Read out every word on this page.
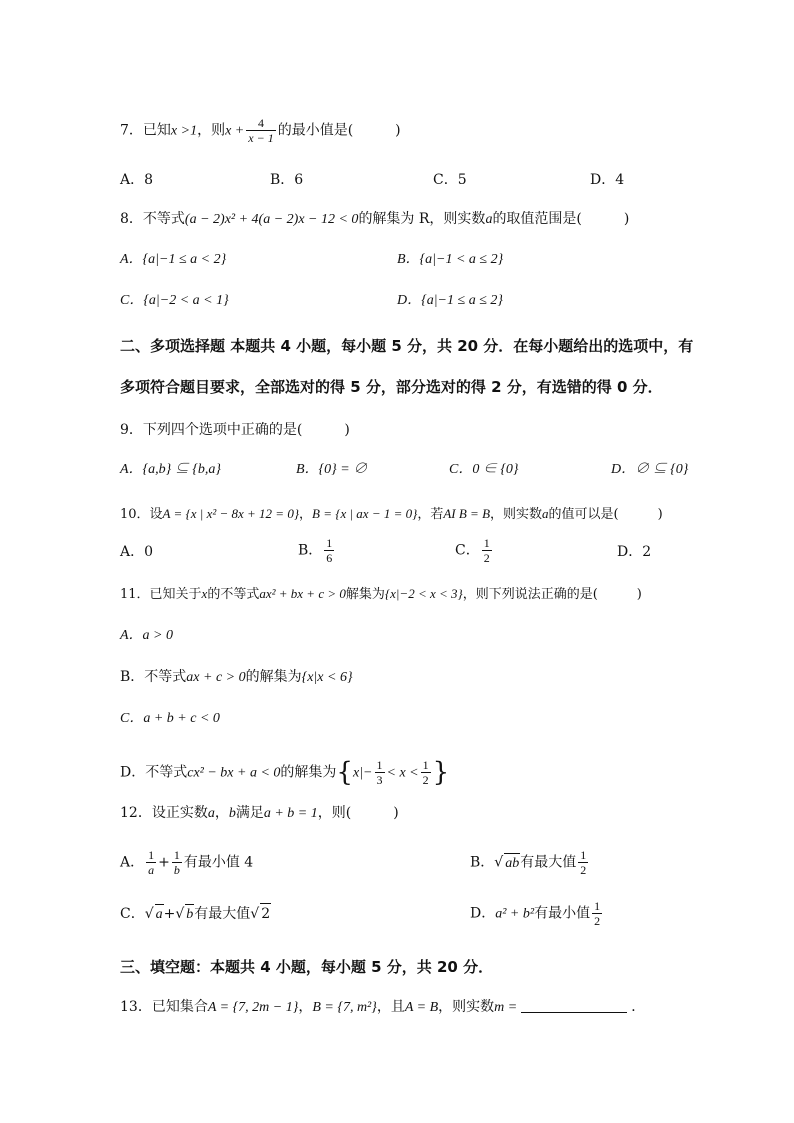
7．已知x >1，则$x + \frac{4}{x - 1}$ 的最小值是(　　　)
A．8	B．6	C．5	D．4
8．不等式(a − 2)x² + 4(a − 2)x − 12 < 0的解集为 R，则实数a的取值范围是(　　　)
A．{a|−1 ≤ a < 2}	B．{a|−1 < a ≤ 2}
C．{a|−2 < a < 1}	D．{a|−1 ≤ a ≤ 2}
二、多项选择题 本题共 4 小题，每小题 5 分，共 20 分．在每小题给出的选项中，有
多项符合题目要求，全部选对的得 5 分，部分选对的得 2 分，有选错的得 0 分．
9．下列四个选项中正确的是(　　　)
A．{a,b} ⊆ {b,a}	B．{0} = ∅	C．0 ∈ {0}	D．∅ ⊆ {0}
10．设A = {x | x² − 8x + 12 = 0}，B = {x | ax − 1 = 0}，若AI B = B，则实数a的值可以是(　　　)
A．0	B． $\frac{1}{6}$	C． $\frac{1}{2}$	D．2
11．已知关于x的不等式ax² + bx + c > 0解集为{x|−2 < x < 3}，则下列说法正确的是(　　　)
A．a > 0
B．不等式ax + c > 0的解集为{x|x < 6}
C．a + b + c < 0
D．不等式cx² − bx + a < 0的解集为{$x|- \frac{1}{3} < x < \frac{1}{2}$ }
12．设正实数a，b满足a + b = 1，则(　　　)
A． $\frac{1}{a} + \frac{1}{b}$ 有最小值 4	B．√ ab有最大值 $\frac{1}{2}$
C．√ a+√ b有最大值√ 2	D．a² + b²有最小值 $\frac{1}{2}$
三、填空题：本题共 4 小题，每小题 5 分，共 20 分．
13．已知集合A = {7, 2m − 1}，B = {7, m²}，且A = B，则实数m =	．
